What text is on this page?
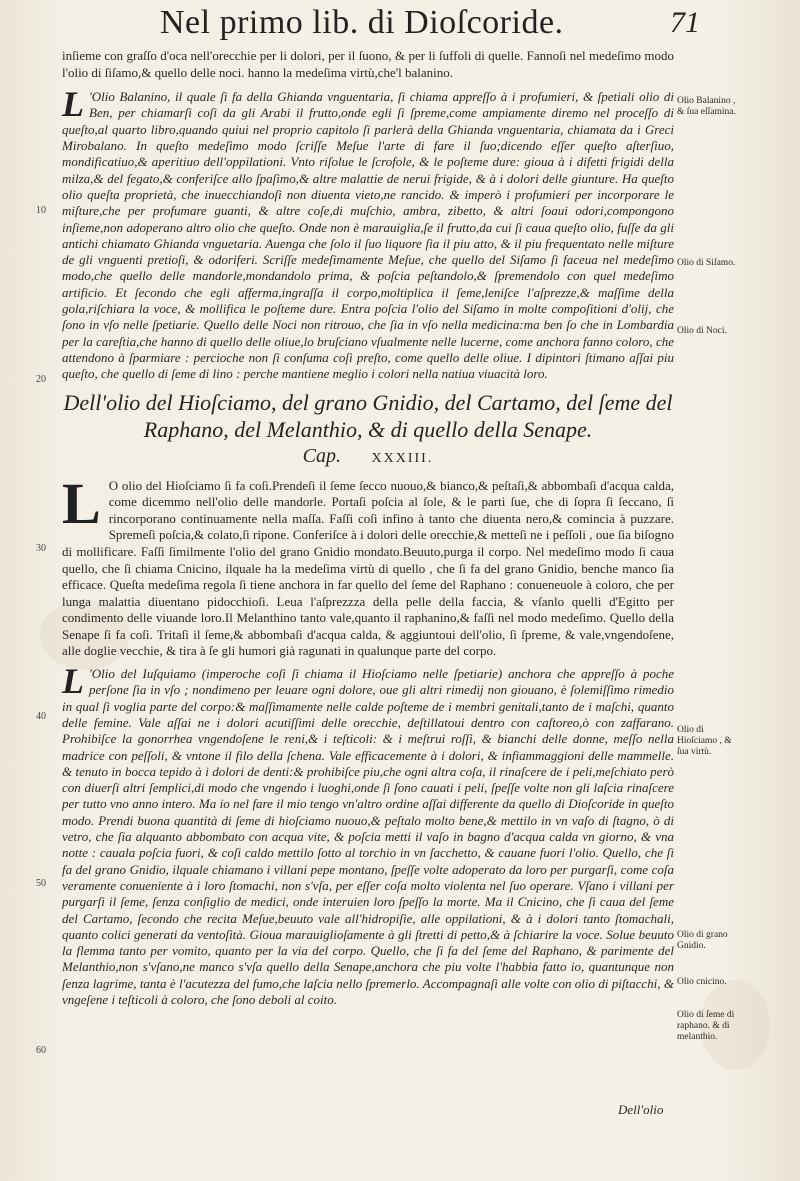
Nel primo lib. di Dioſcoride.	71
10
20
30
40
50
60

inſieme con graſſo d'oca nell'orecchie per li dolori, per il ſuono, & per li ſuffoli di quelle. Fannoſi nel medeſimo modo l'olio di ſiſamo,& quello delle noci. hanno la medeſima virtù,che'l balanino.

L 'Olio Balanino, il quale ſi fa della Ghianda vnguentaria, ſi chiama appreſſo à i profumieri, & ſpetiali olio di Ben, per chiamarſi coſi da gli Arabi il frutto,onde egli ſi ſpreme,come ampiamente diremo nel proceſſo di queſto,al quarto libro,quando quiui nel proprio capitolo ſi parlerà della Ghianda vnguentaria, chiamata da i Greci Mirobalano. In queſto medeſimo modo ſcriſſe Meſue l'arte di fare il ſuo;dicendo eſſer queſto aſterſiuo, mondificatiuo,& aperitiuo dell'oppilationi. Vnto riſolue le ſcrofole, & le poſteme dure: gioua à i difetti frigidi della milza,& del fegato,& conferiſce allo ſpaſimo,& altre malattie de nerui frigide, & à i dolori delle giunture. Ha queſto olio queſta proprietà, che inuecchiandoſi non diuenta vieto,ne rancido. & imperò i profumieri per incorporare le miſture,che per profumare guanti, & altre coſe,di muſchio, ambra, zibetto, & altri ſoaui odori,compongono inſieme,non adoperano altro olio che queſto. Onde non è marauiglia,ſe il frutto,da cui ſi caua queſto olio, fuſſe da gli antichi chiamato Ghianda vnguetaria. Auenga che ſolo il ſuo liquore ſia il piu atto, & il piu frequentato nelle miſture de gli vnguenti pretioſi, & odoriferi. Scriſſe medeſimamente Meſue, che quello del Siſamo ſi faceua nel medeſimo modo,che quello delle mandorle,mondandolo prima, & poſcia peſtandolo,& ſpremendolo con quel medeſimo artificio. Et ſecondo che egli afferma,ingraſſa il corpo,moltiplica il ſeme,leniſce l'aſprezze,& maſſime della gola,riſchiara la voce, & mollifica le poſteme dure. Entra poſcia l'olio del Siſamo in molte compoſitioni d'olij, che ſono in vſo nelle ſpetiarie. Quello delle Noci non ritrouo, che ſia in vſo nella medicina:ma ben ſo che in Lombardia per la careſtia,che hanno di quello delle oliue,lo bruſciano vſualmente nelle lucerne, come anchora fanno coloro, che attendono à ſparmiare : percioche non ſi conſuma coſi preſto, come quello delle oliue. I dipintori ſtimano aſſai piu queſto, che quello di ſeme di lino : perche mantiene meglio i colori nella natiua viuacità loro.
Dell'olio del Hioſciamo, del grano Gnidio, del Cartamo, del ſeme del Raphano, del Melanthio, & di quello della Senape.
Cap. XXXIII.
L O olio del Hioſciamo ſi fa coſi.Prendeſi il ſeme ſecco nuouo,& bianco,& peſtaſi,& abbombaſi d'acqua calda, come dicemmo nell'olio delle mandorle. Portaſi poſcia al ſole, & le parti ſue, che di ſopra ſi ſeccano, ſi rincorporano continuamente nella maſſa. Faſſi coſi infino à tanto che diuenta nero,& comincia à puzzare. Spremeſi poſcia,& colato,ſi ripone. Conferiſce à i dolori delle orecchie,& metteſi ne i peſſoli , oue ſia biſogno di mollificare. Faſſi ſimilmente l'olio del grano Gnidio mondato.Beuuto,purga il corpo. Nel medeſimo modo ſi caua quello, che ſi chiama Cnicino, ilquale ha la medeſima virtù di quello , che ſi fa del grano Gnidio, benche manco ſia efficace. Queſta medeſima regola ſi tiene anchora in far quello del ſeme del Raphano : conueneuole à coloro, che per lunga malattia diuentano pidocchioſi. Leua l'aſprezzza della pelle della faccia, & vſanlo quelli d'Egitto per condimento delle viuande loro.Il Melanthino tanto vale,quanto il raphanino,& faſſi nel modo medeſimo. Quello della Senape ſi fa coſi. Tritaſi il ſeme,& abbombaſi d'acqua calda, & aggiuntoui dell'olio, ſi ſpreme, & vale,vngendoſene, alle doglie vecchie, & tira à ſe gli humori già ragunati in qualunque parte del corpo.
L 'Olio del Iuſquiamo (imperoche coſi ſi chiama il Hioſciamo nelle ſpetiarie) anchora che appreſſo à poche perſone ſia in vſo ; nondimeno per leuare ogni dolore, oue gli altri rimedij non giouano, è ſolemiſſimo rimedio in qual ſi voglia parte del corpo:& maſſimamente nelle calde poſteme de i membri genitali,tanto de i maſchi, quanto delle femine. Vale aſſai ne i dolori acutiſſimi delle orecchie, deſtillatoui dentro con caſtoreo,ò con zaffarano. Prohibiſce la gonorrhea vngendoſene le reni,& i teſticoli: & i meſtrui roſſi, & bianchi delle donne, meſſo nella madrice con peſſoli, & vntone il filo della ſchena. Vale efficacemente à i dolori, & infiammaggioni delle mammelle. & tenuto in bocca tepido à i dolori de denti:& prohibiſce piu,che ogni altra coſa, il rinaſcere de i peli,meſchiato però con diuerſi altri ſemplici,di modo che vngendo i luoghi,onde ſi ſono cauati i peli, ſpeſſe volte non gli laſcia rinaſcere per tutto vno anno intero. Ma io nel fare il mio tengo vn'altro ordine aſſai differente da quello di Dioſcoride in queſto modo. Prendi buona quantità di ſeme di hioſciamo nuouo,& peſtalo molto bene,& mettilo in vn vaſo di ſtagno, ò di vetro, che ſia alquanto abbombato con acqua vite, & poſcia metti il vaſo in bagno d'acqua calda vn giorno, & vna notte : cauala poſcia fuori, & coſi caldo mettilo ſotto al torchio in vn ſacchetto, & cauane fuori l'olio. Quello, che ſi fa del grano Gnidio, ilquale chiamano i villani pepe montano, ſpeſſe volte adoperato da loro per purgarſi, come coſa veramente conueniente à i loro ſtomachi, non s'vſa, per eſſer coſa molto violenta nel ſuo operare. Vſano i villani per purgarſi il ſeme, ſenza conſiglio de medici, onde interuien loro ſpeſſo la morte. Ma il Cnicino, che ſi caua del ſeme del Cartamo, ſecondo che recita Meſue,beuuto vale all'hidropiſie, alle oppilationi, & à i dolori tanto ſtomachali, quanto colici generati da ventoſità. Gioua marauiglioſamente à gli ſtretti di petto,& à ſchiarire la voce. Solue beuuto la flemma tanto per vomito, quanto per la via del corpo. Quello, che ſi fa del ſeme del Raphano, & parimente del Melanthio,non s'vſano,ne manco s'vſa quello della Senape,anchora che piu volte l'habbia fatto io, quantunque non ſenza lagrime, tanta è l'acutezza del fumo,che laſcia nello ſpremerlo. Accompagnaſi alle volte con olio di piſtacchi, & vngeſene i teſticoli à coloro, che ſono deboli al coito.
Dell'olio
Olio Balanino , & ſua eſſamina.
Olio di Siſamo.
Olio di Noci.
Olio di Hioſciamo , & ſua virtù.
Olio di grano Gnidio.
Olio cnicino.
Olio di ſeme di raphano. & di melanthio.
